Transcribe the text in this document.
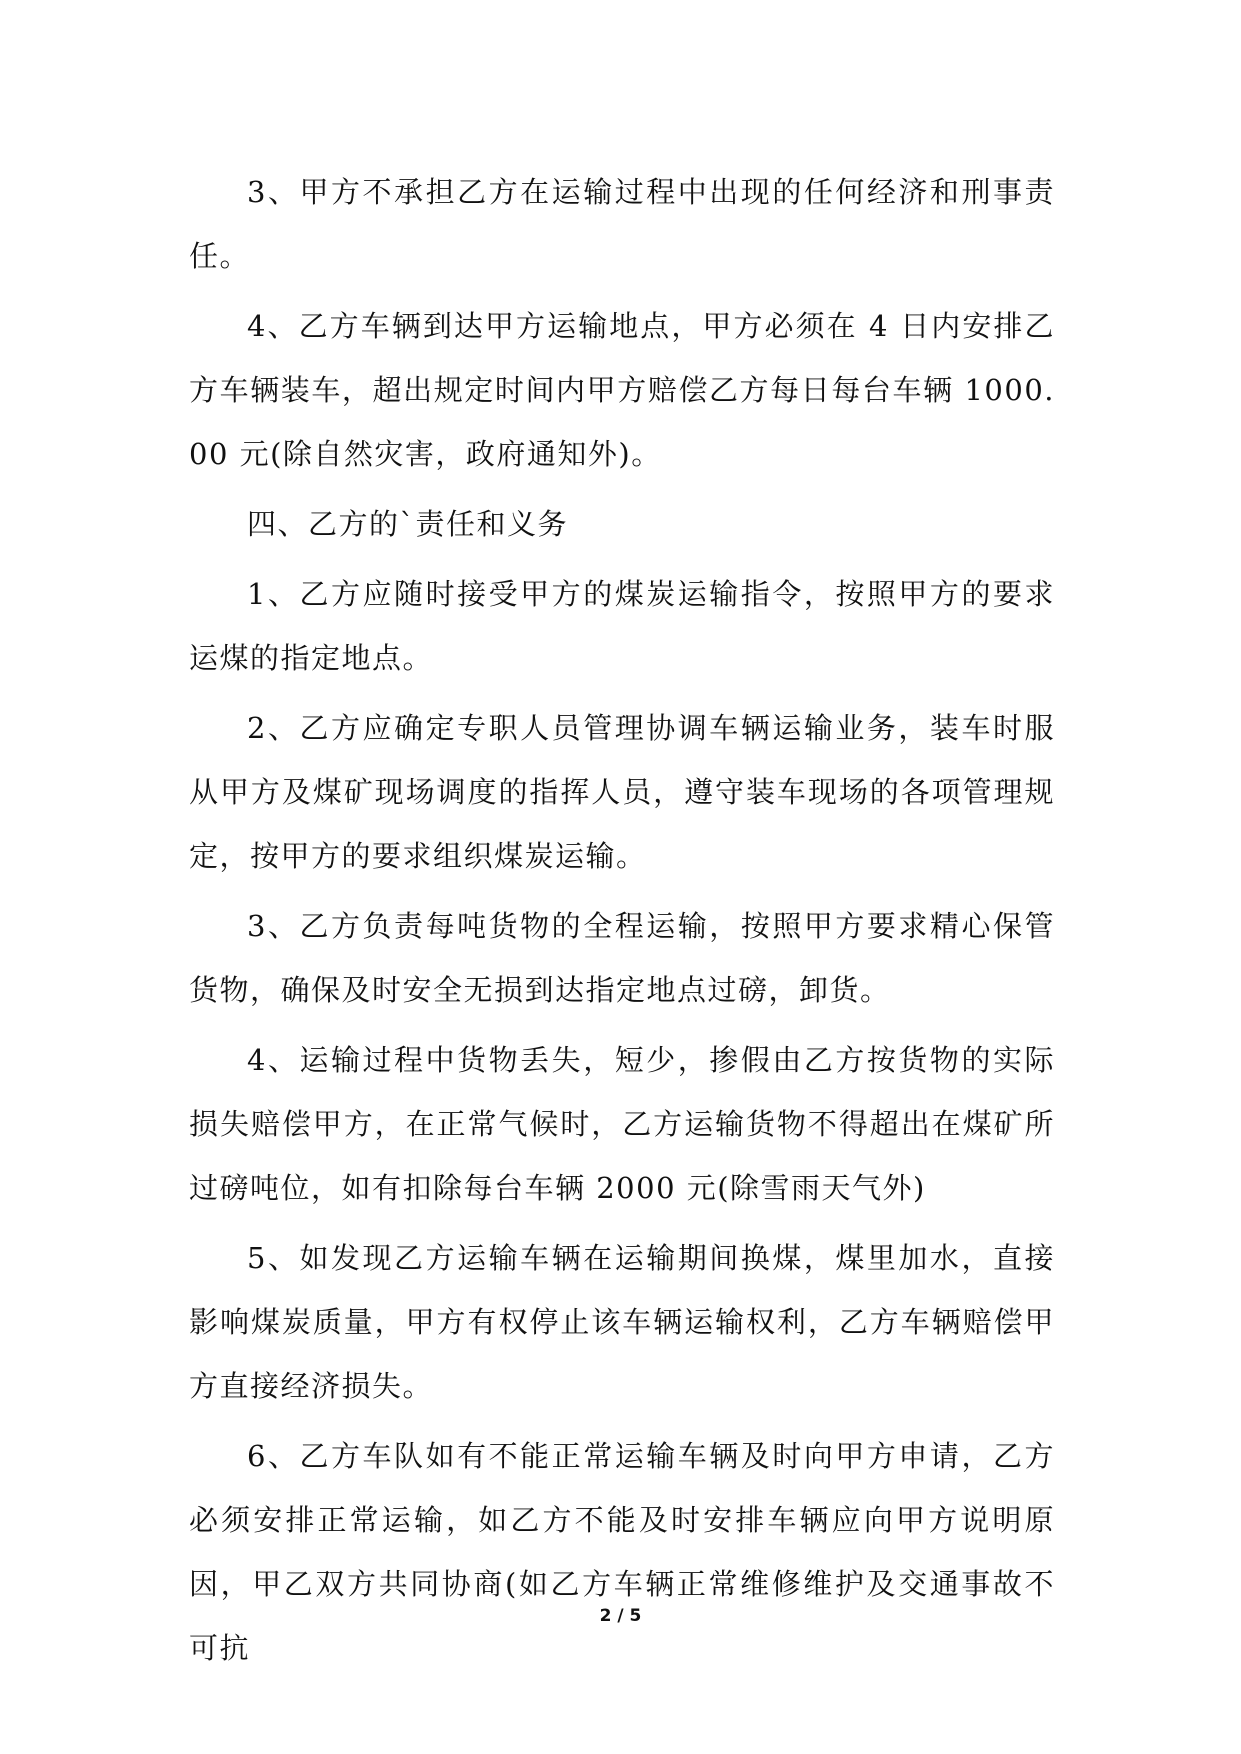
3、甲方不承担乙方在运输过程中出现的任何经济和刑事责任。

4、乙方车辆到达甲方运输地点，甲方必须在 4 日内安排乙方车辆装车，超出规定时间内甲方赔偿乙方每日每台车辆 1000.00 元(除自然灾害，政府通知外)。

四、乙方的`责任和义务

1、乙方应随时接受甲方的煤炭运输指令，按照甲方的要求运煤的指定地点。

2、乙方应确定专职人员管理协调车辆运输业务，装车时服从甲方及煤矿现场调度的指挥人员，遵守装车现场的各项管理规定，按甲方的要求组织煤炭运输。

3、乙方负责每吨货物的全程运输，按照甲方要求精心保管货物，确保及时安全无损到达指定地点过磅，卸货。

4、运输过程中货物丢失，短少，掺假由乙方按货物的实际损失赔偿甲方，在正常气候时，乙方运输货物不得超出在煤矿所过磅吨位，如有扣除每台车辆 2000 元(除雪雨天气外)

5、如发现乙方运输车辆在运输期间换煤，煤里加水，直接影响煤炭质量，甲方有权停止该车辆运输权利，乙方车辆赔偿甲方直接经济损失。

6、乙方车队如有不能正常运输车辆及时向甲方申请，乙方必须安排正常运输，如乙方不能及时安排车辆应向甲方说明原因，甲乙双方共同协商(如乙方车辆正常维修维护及交通事故不可抗

2 / 5
